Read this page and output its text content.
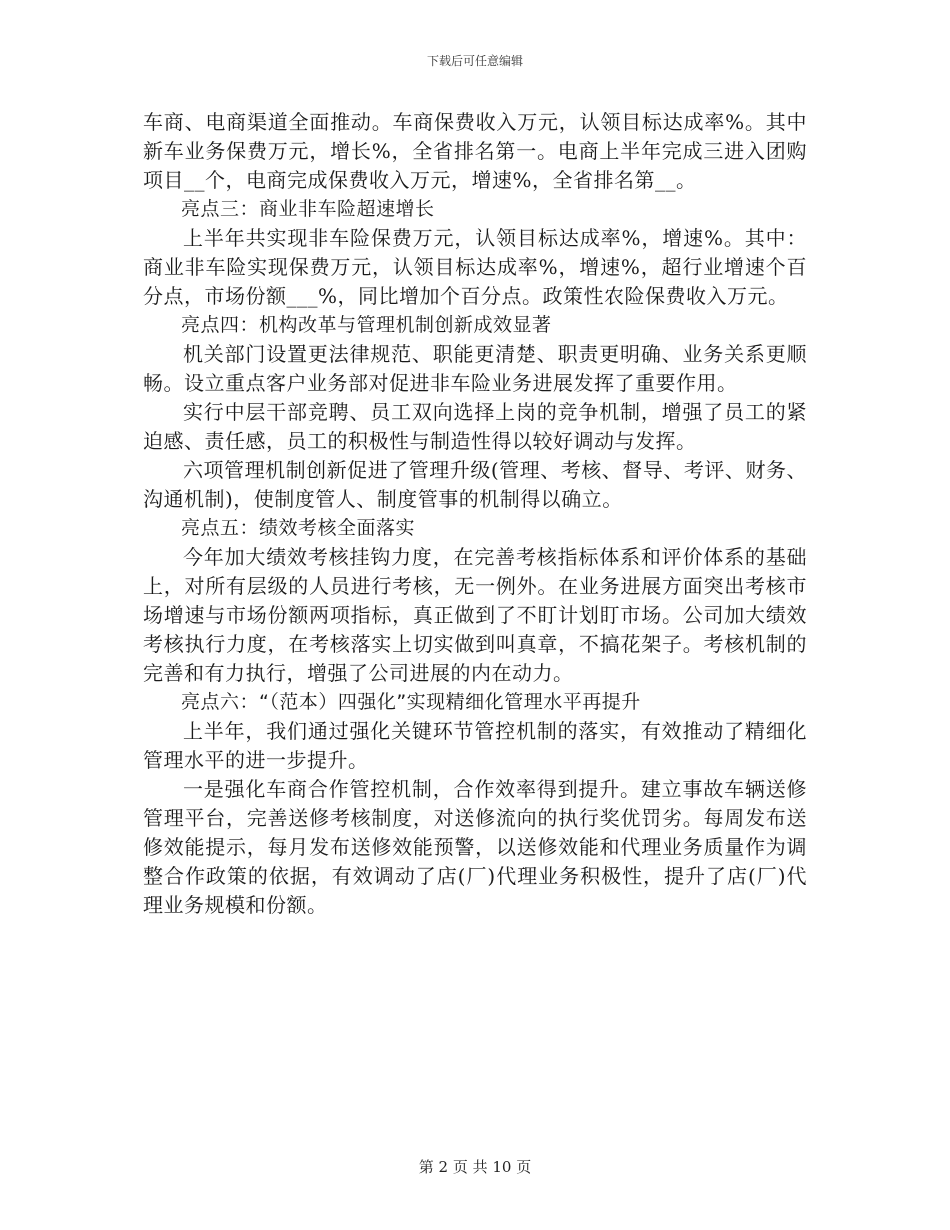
下载后可任意编辑

车商、电商渠道全面推动。车商保费收入万元，认领目标达成率%。其中新车业务保费万元，增长%，全省排名第一。电商上半年完成三进入团购项目__个，电商完成保费收入万元，增速%，全省排名第__。

亮点三：商业非车险超速增长

上半年共实现非车险保费万元，认领目标达成率%，增速%。其中：商业非车险实现保费万元，认领目标达成率%，增速%，超行业增速个百分点，市场份额___%，同比增加个百分点。政策性农险保费收入万元。

亮点四：机构改革与管理机制创新成效显著

机关部门设置更法律规范、职能更清楚、职责更明确、业务关系更顺畅。设立重点客户业务部对促进非车险业务进展发挥了重要作用。

实行中层干部竞聘、员工双向选择上岗的竞争机制，增强了员工的紧迫感、责任感，员工的积极性与制造性得以较好调动与发挥。

六项管理机制创新促进了管理升级(管理、考核、督导、考评、财务、沟通机制)，使制度管人、制度管事的机制得以确立。

亮点五：绩效考核全面落实

今年加大绩效考核挂钩力度，在完善考核指标体系和评价体系的基础上，对所有层级的人员进行考核，无一例外。在业务进展方面突出考核市场增速与市场份额两项指标，真正做到了不盯计划盯市场。公司加大绩效考核执行力度，在考核落实上切实做到叫真章，不搞花架子。考核机制的完善和有力执行，增强了公司进展的内在动力。

亮点六：“（范本）四强化”实现精细化管理水平再提升

上半年，我们通过强化关键环节管控机制的落实，有效推动了精细化管理水平的进一步提升。

一是强化车商合作管控机制，合作效率得到提升。建立事故车辆送修管理平台，完善送修考核制度，对送修流向的执行奖优罚劣。每周发布送修效能提示，每月发布送修效能预警，以送修效能和代理业务质量作为调整合作政策的依据，有效调动了店(厂)代理业务积极性，提升了店(厂)代理业务规模和份额。

第 2 页 共 10 页
